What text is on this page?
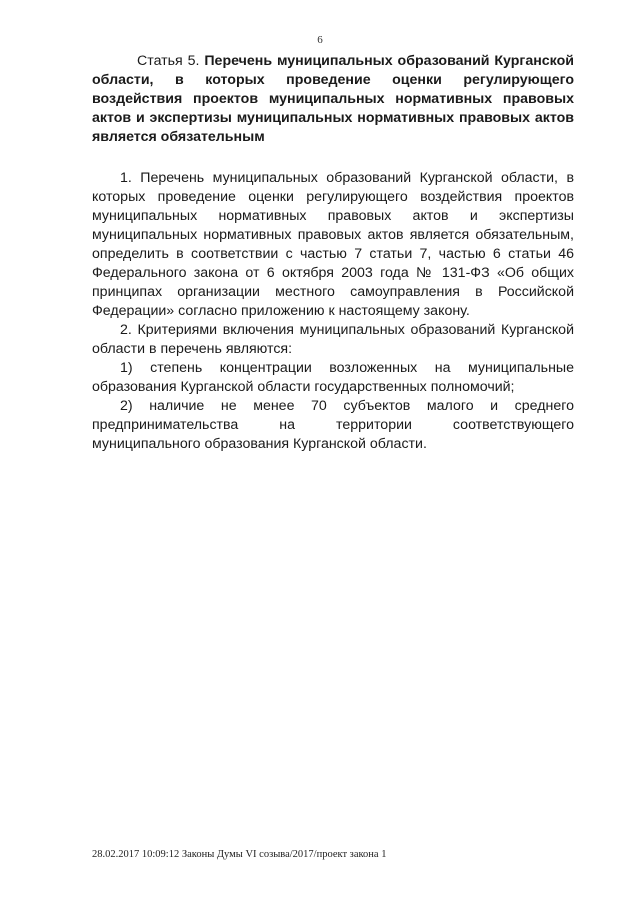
6
Статья 5. Перечень муниципальных образований Курганской области, в которых проведение оценки регулирующего воздействия проектов муниципальных нормативных правовых актов и экспертизы муниципальных нормативных правовых актов является обязательным

1. Перечень муниципальных образований Курганской области, в которых проведение оценки регулирующего воздействия проектов муниципальных нормативных правовых актов и экспертизы муниципальных нормативных правовых актов является обязательным, определить в соответствии с частью 7 статьи 7, частью 6 статьи 46 Федерального закона от 6 октября 2003 года № 131-ФЗ «Об общих принципах организации местного самоуправления в Российской Федерации» согласно приложению к настоящему закону.

2. Критериями включения муниципальных образований Курганской области в перечень являются:

1) степень концентрации возложенных на муниципальные образования Курганской области государственных полномочий;

2) наличие не менее 70 субъектов малого и среднего предпринимательства на территории соответствующего муниципального образования Курганской области.

28.02.2017 10:09:12 Законы Думы VI созыва/2017/проект закона 1
